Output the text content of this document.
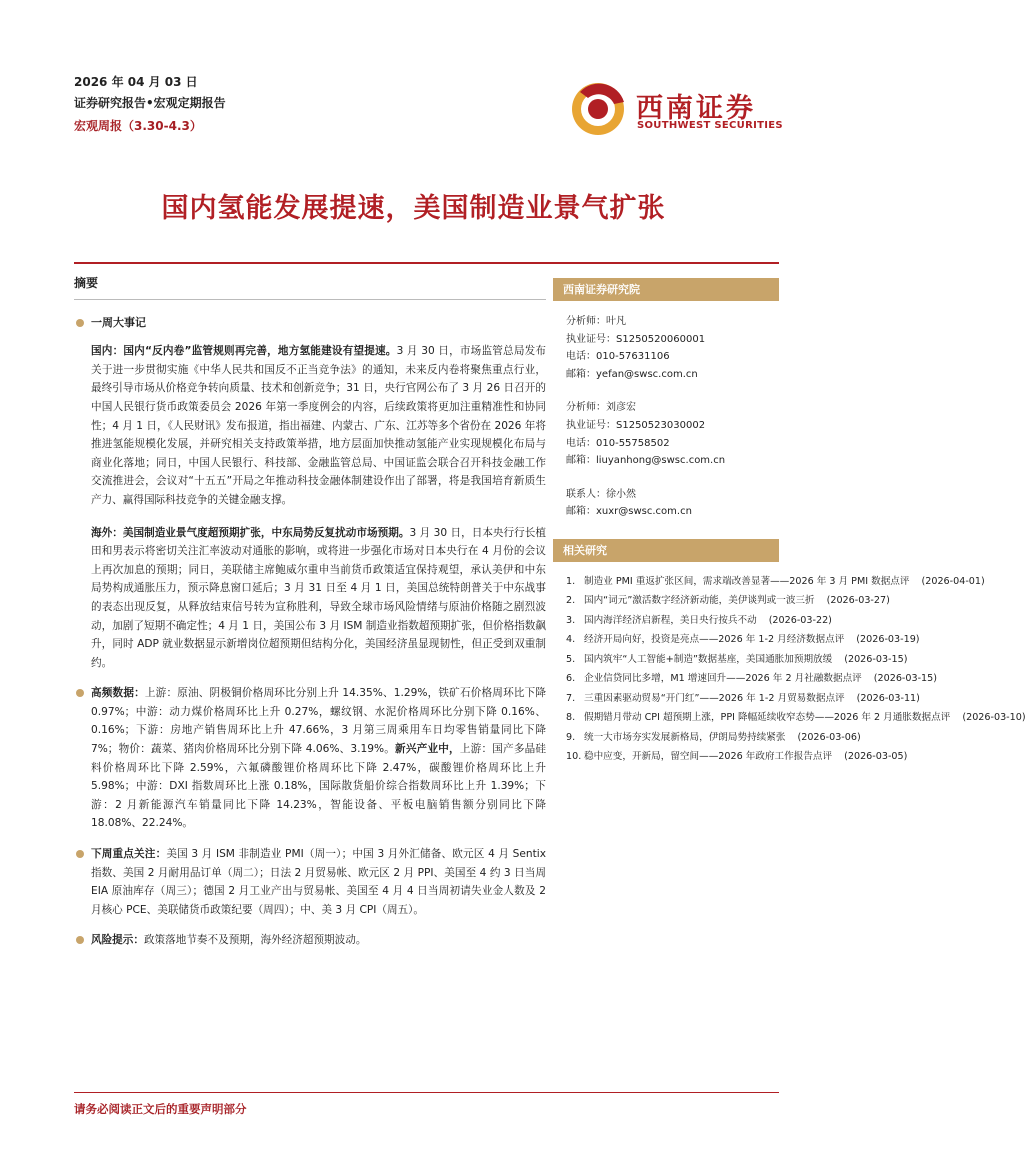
2026 年 04 月 03 日
证券研究报告•宏观定期报告
宏观周报（3.30-4.3）
西南证券
SOUTHWEST SECURITIES
国内氢能发展提速，美国制造业景气扩张
摘要
一周大事记

国内：国内“反内卷”监管规则再完善，地方氢能建设有望提速。3 月 30 日，市场监管总局发布关于进一步贯彻实施《中华人民共和国反不正当竞争法》的通知，未来反内卷将聚焦重点行业，最终引导市场从价格竞争转向质量、技术和创新竞争；31 日，央行官网公布了 3 月 26 日召开的中国人民银行货币政策委员会 2026 年第一季度例会的内容，后续政策将更加注重精准性和协同性；4 月 1 日，《人民财讯》发布报道，指出福建、内蒙古、广东、江苏等多个省份在 2026 年将推进氢能规模化发展，并研究相关支持政策举措，地方层面加快推动氢能产业实现规模化布局与商业化落地；同日，中国人民银行、科技部、金融监管总局、中国证监会联合召开科技金融工作交流推进会，会议对“十五五”开局之年推动科技金融体制建设作出了部署，将是我国培育新质生产力、赢得国际科技竞争的关键金融支撑。

海外：美国制造业景气度超预期扩张，中东局势反复扰动市场预期。3 月 30 日，日本央行行长植田和男表示将密切关注汇率波动对通胀的影响，或将进一步强化市场对日本央行在 4 月份的会议上再次加息的预期；同日，美联储主席鲍威尔重申当前货币政策适宜保持观望，承认美伊和中东局势构成通胀压力，预示降息窗口延后；3 月 31 日至 4 月 1 日，美国总统特朗普关于中东战事的表态出现反复，从释放结束信号转为宣称胜利，导致全球市场风险情绪与原油价格随之剧烈波动，加剧了短期不确定性；4 月 1 日，美国公布 3 月 ISM 制造业指数超预期扩张，但价格指数飙升，同时 ADP 就业数据显示新增岗位超预期但结构分化，美国经济虽显现韧性，但正受到双重制约。

高频数据：上游：原油、阴极铜价格周环比分别上升 14.35%、1.29%，铁矿石价格周环比下降 0.97%；中游：动力煤价格周环比上升 0.27%，螺纹钢、水泥价格周环比分别下降 0.16%、0.16%；下游：房地产销售周环比上升 47.66%，3 月第三周乘用车日均零售销量同比下降 7%；物价：蔬菜、猪肉价格周环比分别下降 4.06%、3.19%。新兴产业中，上游：国产多晶硅料价格周环比下降 2.59%，六氟磷酸锂价格周环比下降 2.47%，碳酸锂价格周环比上升 5.98%；中游：DXI 指数周环比上涨 0.18%，国际散货船价综合指数周环比上升 1.39%；下游：2 月新能源汽车销量同比下降 14.23%，智能设备、平板电脑销售额分别同比下降 18.08%、22.24%。

下周重点关注：美国 3 月 ISM 非制造业 PMI（周一）；中国 3 月外汇储备、欧元区 4 月 Sentix 指数、美国 2 月耐用品订单（周二）；日法 2 月贸易帐、欧元区 2 月 PPI、美国至 4 约 3 日当周 EIA 原油库存（周三）；德国 2 月工业产出与贸易帐、美国至 4 月 4 日当周初请失业金人数及 2 月核心 PCE、美联储货币政策纪要（周四）；中、美 3 月 CPI（周五）。

风险提示：政策落地节奏不及预期，海外经济超预期波动。

西南证券研究院
分析师：叶凡
执业证号：S1250520060001
电话：010-57631106
邮箱：yefan@swsc.com.cn
分析师：刘彦宏
执业证号：S1250523030002
电话：010-55758502
邮箱：liuyanhong@swsc.com.cn
联系人：徐小然
邮箱：xuxr@swsc.com.cn
相关研究
1. 制造业 PMI 重返扩张区间，需求端改善显著——2026 年 3 月 PMI 数据点评 (2026-04-01)
2. 国内“词元”激活数字经济新动能，美伊谈判或一波三折 (2026-03-27)
3. 国内海洋经济启新程，美日央行按兵不动 (2026-03-22)
4. 经济开局向好，投资是亮点——2026 年 1-2 月经济数据点评 (2026-03-19)
5. 国内筑牢“人工智能+制造”数据基座，美国通胀加预期放缓 (2026-03-15)
6. 企业信贷同比多增，M1 增速回升——2026 年 2 月社融数据点评 (2026-03-15)
7. 三重因素驱动贸易“开门红”——2026 年 1-2 月贸易数据点评 (2026-03-11)
8. 假期错月带动 CPI 超预期上涨，PPI 降幅延续收窄态势——2026 年 2 月通胀数据点评 (2026-03-10)
9. 统一大市场夯实发展新格局，伊朗局势持续紧张 (2026-03-06)
10. 稳中应变，开新局，留空间——2026 年政府工作报告点评 (2026-03-05)
请务必阅读正文后的重要声明部分
